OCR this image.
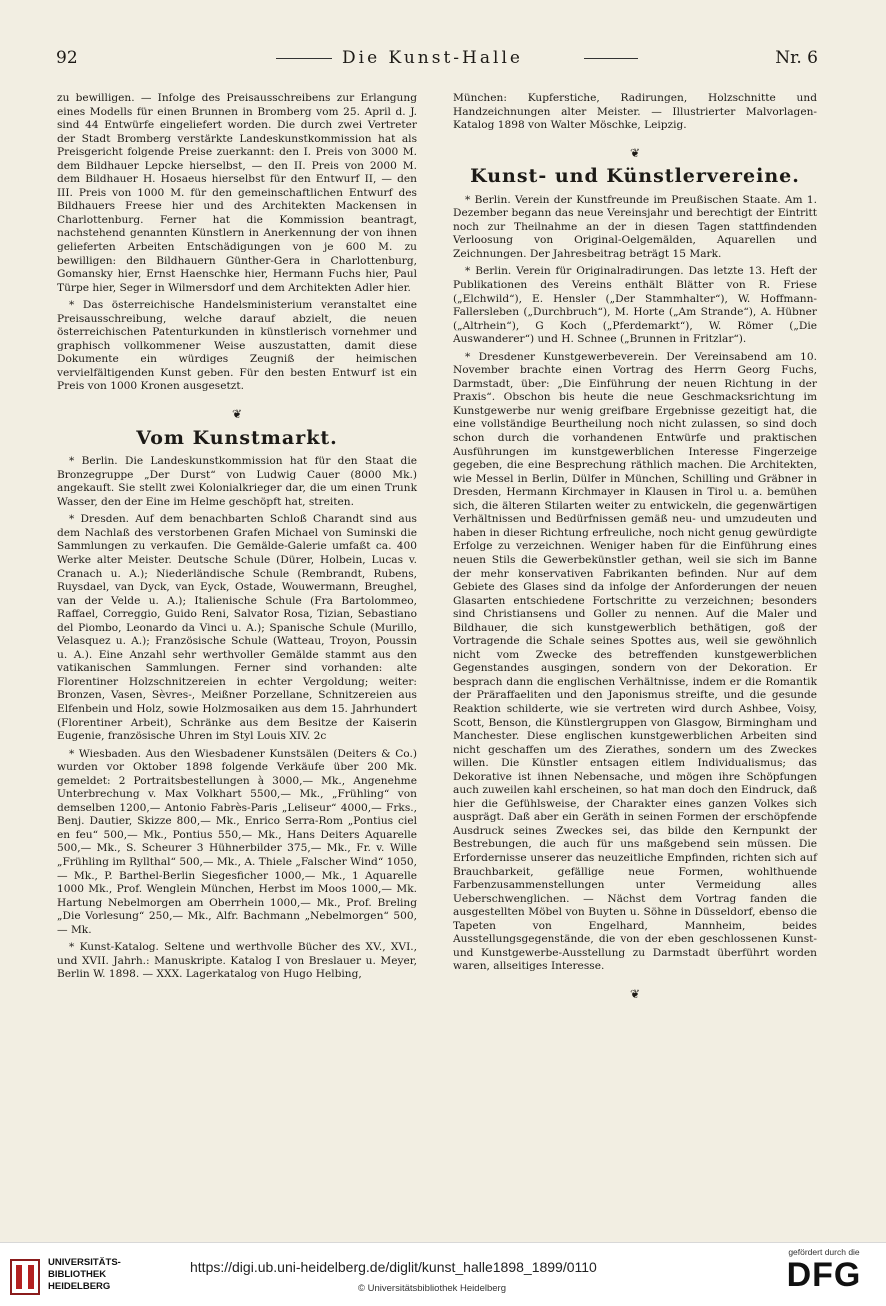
92	Die Kunst-Halle	Nr. 6

zu bewilligen. — Infolge des Preisausschreibens zur Erlangung eines Modells für einen Brunnen in Bromberg vom 25. April d. J. sind 44 Entwürfe eingeliefert worden. Die durch zwei Vertreter der Stadt Bromberg verstärkte Landeskunstkommission hat als Preisgericht folgende Preise zuerkannt: den I. Preis von 3000 M. dem Bildhauer Lepcke hierselbst, — den II. Preis von 2000 M. dem Bildhauer H. Hosaeus hierselbst für den Entwurf II, — den III. Preis von 1000 M. für den gemeinschaftlichen Entwurf des Bildhauers Freese hier und des Architekten Mackensen in Charlottenburg. Ferner hat die Kommission beantragt, nachstehend genannten Künstlern in Anerkennung der von ihnen gelieferten Arbeiten Entschädigungen von je 600 M. zu bewilligen: den Bildhauern Günther-Gera in Charlottenburg, Gomansky hier, Ernst Haenschke hier, Hermann Fuchs hier, Paul Türpe hier, Seger in Wilmersdorf und dem Architekten Adler hier.

* Das österreichische Handelsministerium veranstaltet eine Preisausschreibung, welche darauf abzielt, die neuen österreichischen Patenturkunden in künstlerisch vornehmer und graphisch vollkommener Weise auszustatten, damit diese Dokumente ein würdiges Zeugniß der heimischen vervielfältigenden Kunst geben. Für den besten Entwurf ist ein Preis von 1000 Kronen ausgesetzt.

❦
Vom Kunstmarkt.

* Berlin. Die Landeskunstkommission hat für den Staat die Bronzegruppe „Der Durst“ von Ludwig Cauer (8000 Mk.) angekauft. Sie stellt zwei Kolonialkrieger dar, die um einen Trunk Wasser, den der Eine im Helme geschöpft hat, streiten.

* Dresden. Auf dem benachbarten Schloß Charandt sind aus dem Nachlaß des verstorbenen Grafen Michael von Suminski die Sammlungen zu verkaufen. Die Gemälde-Galerie umfaßt ca. 400 Werke alter Meister. Deutsche Schule (Dürer, Holbein, Lucas v. Cranach u. A.); Niederländische Schule (Rembrandt, Rubens, Ruysdael, van Dyck, van Eyck, Ostade, Wouwermann, Breughel, van der Velde u. A.); Italienische Schule (Fra Bartolommeo, Raffael, Correggio, Guido Reni, Salvator Rosa, Tizian, Sebastiano del Piombo, Leonardo da Vinci u. A.); Spanische Schule (Murillo, Velasquez u. A.); Französische Schule (Watteau, Troyon, Poussin u. A.). Eine Anzahl sehr werthvoller Gemälde stammt aus den vatikanischen Sammlungen. Ferner sind vorhanden: alte Florentiner Holzschnitzereien in echter Vergoldung; weiter: Bronzen, Vasen, Sèvres-, Meißner Porzellane, Schnitzereien aus Elfenbein und Holz, sowie Holzmosaiken aus dem 15. Jahrhundert (Florentiner Arbeit), Schränke aus dem Besitze der Kaiserin Eugenie, französische Uhren im Styl Louis XIV. 2c

* Wiesbaden. Aus den Wiesbadener Kunstsälen (Deiters & Co.) wurden vor Oktober 1898 folgende Verkäufe über 200 Mk. gemeldet: 2 Portraitsbestellungen à 3000,— Mk., Angenehme Unterbrechung v. Max Volkhart 5500,— Mk., „Frühling“ von demselben 1200,— Antonio Fabrès-Paris „Leliseur“ 4000,— Frks., Benj. Dautier, Skizze 800,— Mk., Enrico Serra-Rom „Pontius ciel en feu“ 500,— Mk., Pontius 550,— Mk., Hans Deiters Aquarelle 500,— Mk., S. Scheurer 3 Hühnerbilder 375,— Mk., Fr. v. Wille „Frühling im Ryllthal“ 500,— Mk., A. Thiele „Falscher Wind“ 1050,— Mk., P. Barthel-Berlin Siegesficher 1000,— Mk., 1 Aquarelle 1000 Mk., Prof. Wenglein München, Herbst im Moos 1000,— Mk. Hartung Nebelmorgen am Oberrhein 1000,— Mk., Prof. Breling „Die Vorlesung“ 250,— Mk., Alfr. Bachmann „Nebelmorgen“ 500,— Mk.

* Kunst-Katalog. Seltene und werthvolle Bücher des XV., XVI., und XVII. Jahrh.: Manuskripte. Katalog I von Breslauer u. Meyer, Berlin W. 1898. — XXX. Lagerkatalog von Hugo Helbing,

München: Kupferstiche, Radirungen, Holzschnitte und Handzeichnungen alter Meister. — Illustrierter Malvorlagen-Katalog 1898 von Walter Möschke, Leipzig.

❦
Kunst- und Künstlervereine.

* Berlin. Verein der Kunstfreunde im Preußischen Staate. Am 1. Dezember begann das neue Vereinsjahr und berechtigt der Eintritt noch zur Theilnahme an der in diesen Tagen stattfindenden Verloosung von Original-Oelgemälden, Aquarellen und Zeichnungen. Der Jahresbeitrag beträgt 15 Mark.

* Berlin. Verein für Originalradirungen. Das letzte 13. Heft der Publikationen des Vereins enthält Blätter von R. Friese („Elchwild“), E. Hensler („Der Stammhalter“), W. Hoffmann-Fallersleben („Durchbruch“), M. Horte („Am Strande“), A. Hübner („Altrhein“), G Koch („Pferdemarkt“), W. Römer („Die Auswanderer“) und H. Schnee („Brunnen in Fritzlar“).

* Dresdener Kunstgewerbeverein. Der Vereinsabend am 10. November brachte einen Vortrag des Herrn Georg Fuchs, Darmstadt, über: „Die Einführung der neuen Richtung in der Praxis“. Obschon bis heute die neue Geschmacksrichtung im Kunstgewerbe nur wenig greifbare Ergebnisse gezeitigt hat, die eine vollständige Beurtheilung noch nicht zulassen, so sind doch schon durch die vorhandenen Entwürfe und praktischen Ausführungen im kunstgewerblichen Interesse Fingerzeige gegeben, die eine Besprechung räthlich machen. Die Architekten, wie Messel in Berlin, Dülfer in München, Schilling und Gräbner in Dresden, Hermann Kirchmayer in Klausen in Tirol u. a. bemühen sich, die älteren Stilarten weiter zu entwickeln, die gegenwärtigen Verhältnissen und Bedürfnissen gemäß neu- und umzudeuten und haben in dieser Richtung erfreuliche, noch nicht genug gewürdigte Erfolge zu verzeichnen. Weniger haben für die Einführung eines neuen Stils die Gewerbekünstler gethan, weil sie sich im Banne der mehr konservativen Fabrikanten befinden. Nur auf dem Gebiete des Glases sind da infolge der Anforderungen der neuen Glasarten entschiedene Fortschritte zu verzeichnen; besonders sind Christiansens und Goller zu nennen. Auf die Maler und Bildhauer, die sich kunstgewerblich bethätigen, goß der Vortragende die Schale seines Spottes aus, weil sie gewöhnlich nicht vom Zwecke des betreffenden kunstgewerblichen Gegenstandes ausgingen, sondern von der Dekoration. Er besprach dann die englischen Verhältnisse, indem er die Romantik der Präraffaeliten und den Japonismus streifte, und die gesunde Reaktion schilderte, wie sie vertreten wird durch Ashbee, Voisy, Scott, Benson, die Künstlergruppen von Glasgow, Birmingham und Manchester. Diese englischen kunstgewerblichen Arbeiten sind nicht geschaffen um des Zierathes, sondern um des Zweckes willen. Die Künstler entsagen eitlem Individualismus; das Dekorative ist ihnen Nebensache, und mögen ihre Schöpfungen auch zuweilen kahl erscheinen, so hat man doch den Eindruck, daß hier die Gefühlsweise, der Charakter eines ganzen Volkes sich ausprägt. Daß aber ein Geräth in seinen Formen der erschöpfende Ausdruck seines Zweckes sei, das bilde den Kernpunkt der Bestrebungen, die auch für uns maßgebend sein müssen. Die Erfordernisse unserer das neuzeitliche Empfinden, richten sich auf Brauchbarkeit, gefällige neue Formen, wohlthuende Farbenzusammenstellungen unter Vermeidung alles Ueberschwenglichen. — Nächst dem Vortrag fanden die ausgestellten Möbel von Buyten u. Söhne in Düsseldorf, ebenso die Tapeten von Engelhard, Mannheim, beides Ausstellungsgegenstände, die von der eben geschlossenen Kunst- und Kunstgewerbe-Ausstellung zu Darmstadt überführt worden waren, allseitiges Interesse.

❦
UNIVERSITÄTS-
BIBLIOTHEK
HEIDELBERG
https://digi.ub.uni-heidelberg.de/diglit/kunst_halle1898_1899/0110
© Universitätsbibliothek Heidelberg
gefördert durch die
DFG
